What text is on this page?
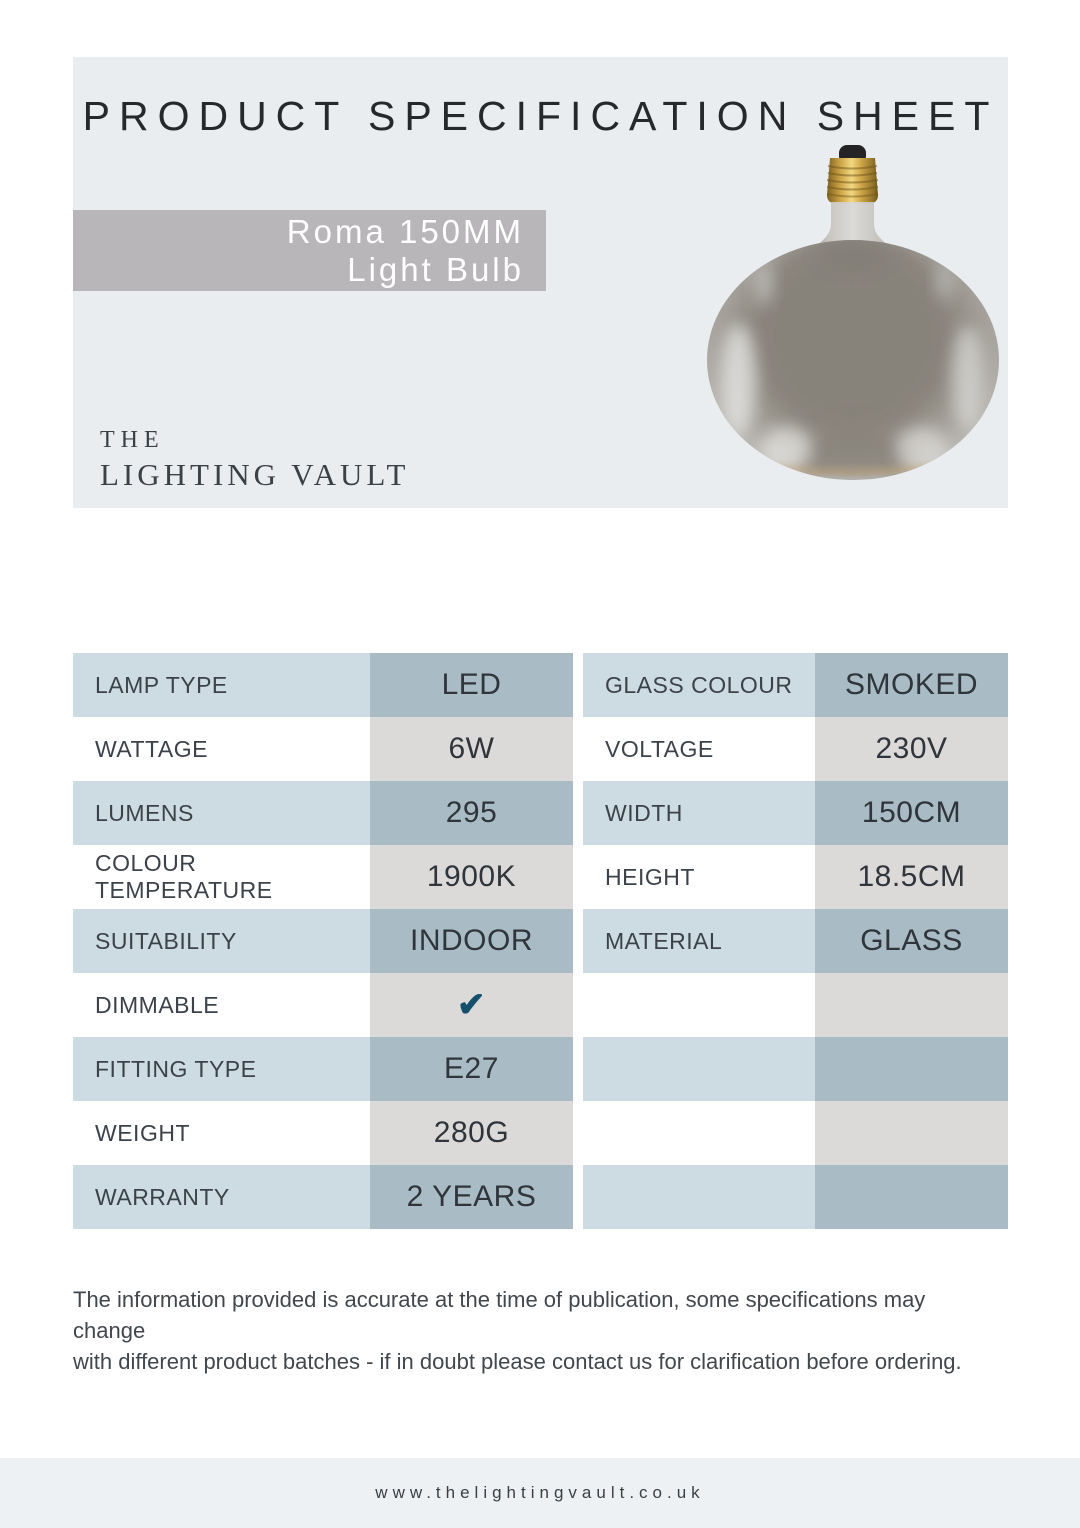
PRODUCT SPECIFICATION SHEET
Roma 150MM
Light Bulb
THE
LIGHTING VAULT
LAMP TYPE	LED
WATTAGE	6W
LUMENS	295
COLOUR TEMPERATURE	1900K
SUITABILITY	INDOOR
DIMMABLE	✔
FITTING TYPE	E27
WEIGHT	280G
WARRANTY	2 YEARS
GLASS COLOUR	SMOKED
VOLTAGE	230V
WIDTH	150CM
HEIGHT	18.5CM
MATERIAL	GLASS
The information provided is accurate at the time of publication, some specifications may change
with different product batches - if in doubt please contact us for clarification before ordering.
www.thelightingvault.co.uk
